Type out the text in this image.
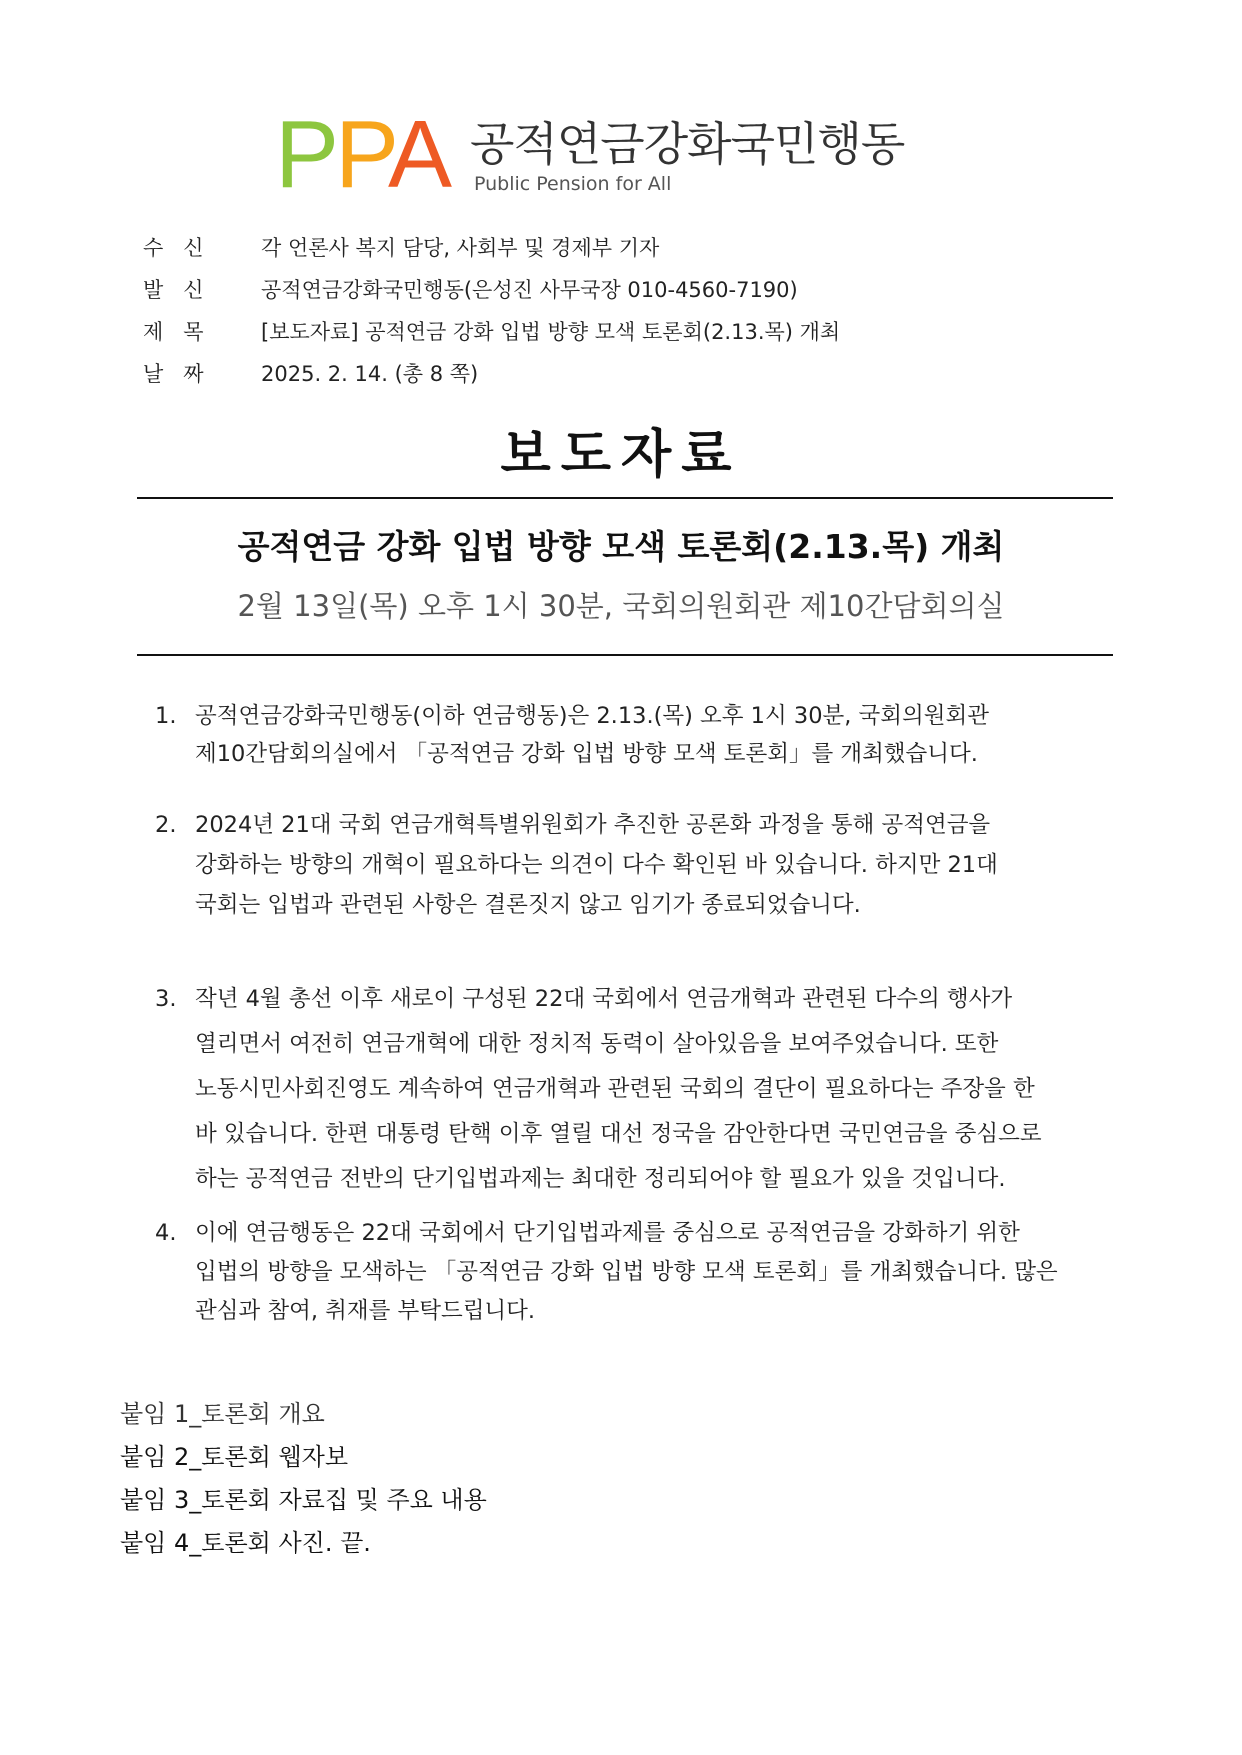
PPA 공적연금강화국민행동
Public Pension for All
수신	각 언론사 복지 담당, 사회부 및 경제부 기자
발신	공적연금강화국민행동(은성진 사무국장 010-4560-7190)
제목	[보도자료] 공적연금 강화 입법 방향 모색 토론회(2.13.목) 개최
날짜	2025. 2. 14. (총 8 쪽)
보도자료
공적연금 강화 입법 방향 모색 토론회(2.13.목) 개최
2월 13일(목) 오후 1시 30분, 국회의원회관 제10간담회의실
1. 공적연금강화국민행동(이하 연금행동)은 2.13.(목) 오후 1시 30분, 국회의원회관
제10간담회의실에서 「공적연금 강화 입법 방향 모색 토론회」를 개최했습니다.
2. 2024년 21대 국회 연금개혁특별위원회가 추진한 공론화 과정을 통해 공적연금을
강화하는 방향의 개혁이 필요하다는 의견이 다수 확인된 바 있습니다. 하지만 21대
국회는 입법과 관련된 사항은 결론짓지 않고 임기가 종료되었습니다.
3. 작년 4월 총선 이후 새로이 구성된 22대 국회에서 연금개혁과 관련된 다수의 행사가
열리면서 여전히 연금개혁에 대한 정치적 동력이 살아있음을 보여주었습니다. 또한
노동시민사회진영도 계속하여 연금개혁과 관련된 국회의 결단이 필요하다는 주장을 한
바 있습니다. 한편 대통령 탄핵 이후 열릴 대선 정국을 감안한다면 국민연금을 중심으로
하는 공적연금 전반의 단기입법과제는 최대한 정리되어야 할 필요가 있을 것입니다.
4. 이에 연금행동은 22대 국회에서 단기입법과제를 중심으로 공적연금을 강화하기 위한
입법의 방향을 모색하는 「공적연금 강화 입법 방향 모색 토론회」를 개최했습니다. 많은
관심과 참여, 취재를 부탁드립니다.
붙임 1_토론회 개요
붙임 2_토론회 웹자보
붙임 3_토론회 자료집 및 주요 내용
붙임 4_토론회 사진. 끝.
